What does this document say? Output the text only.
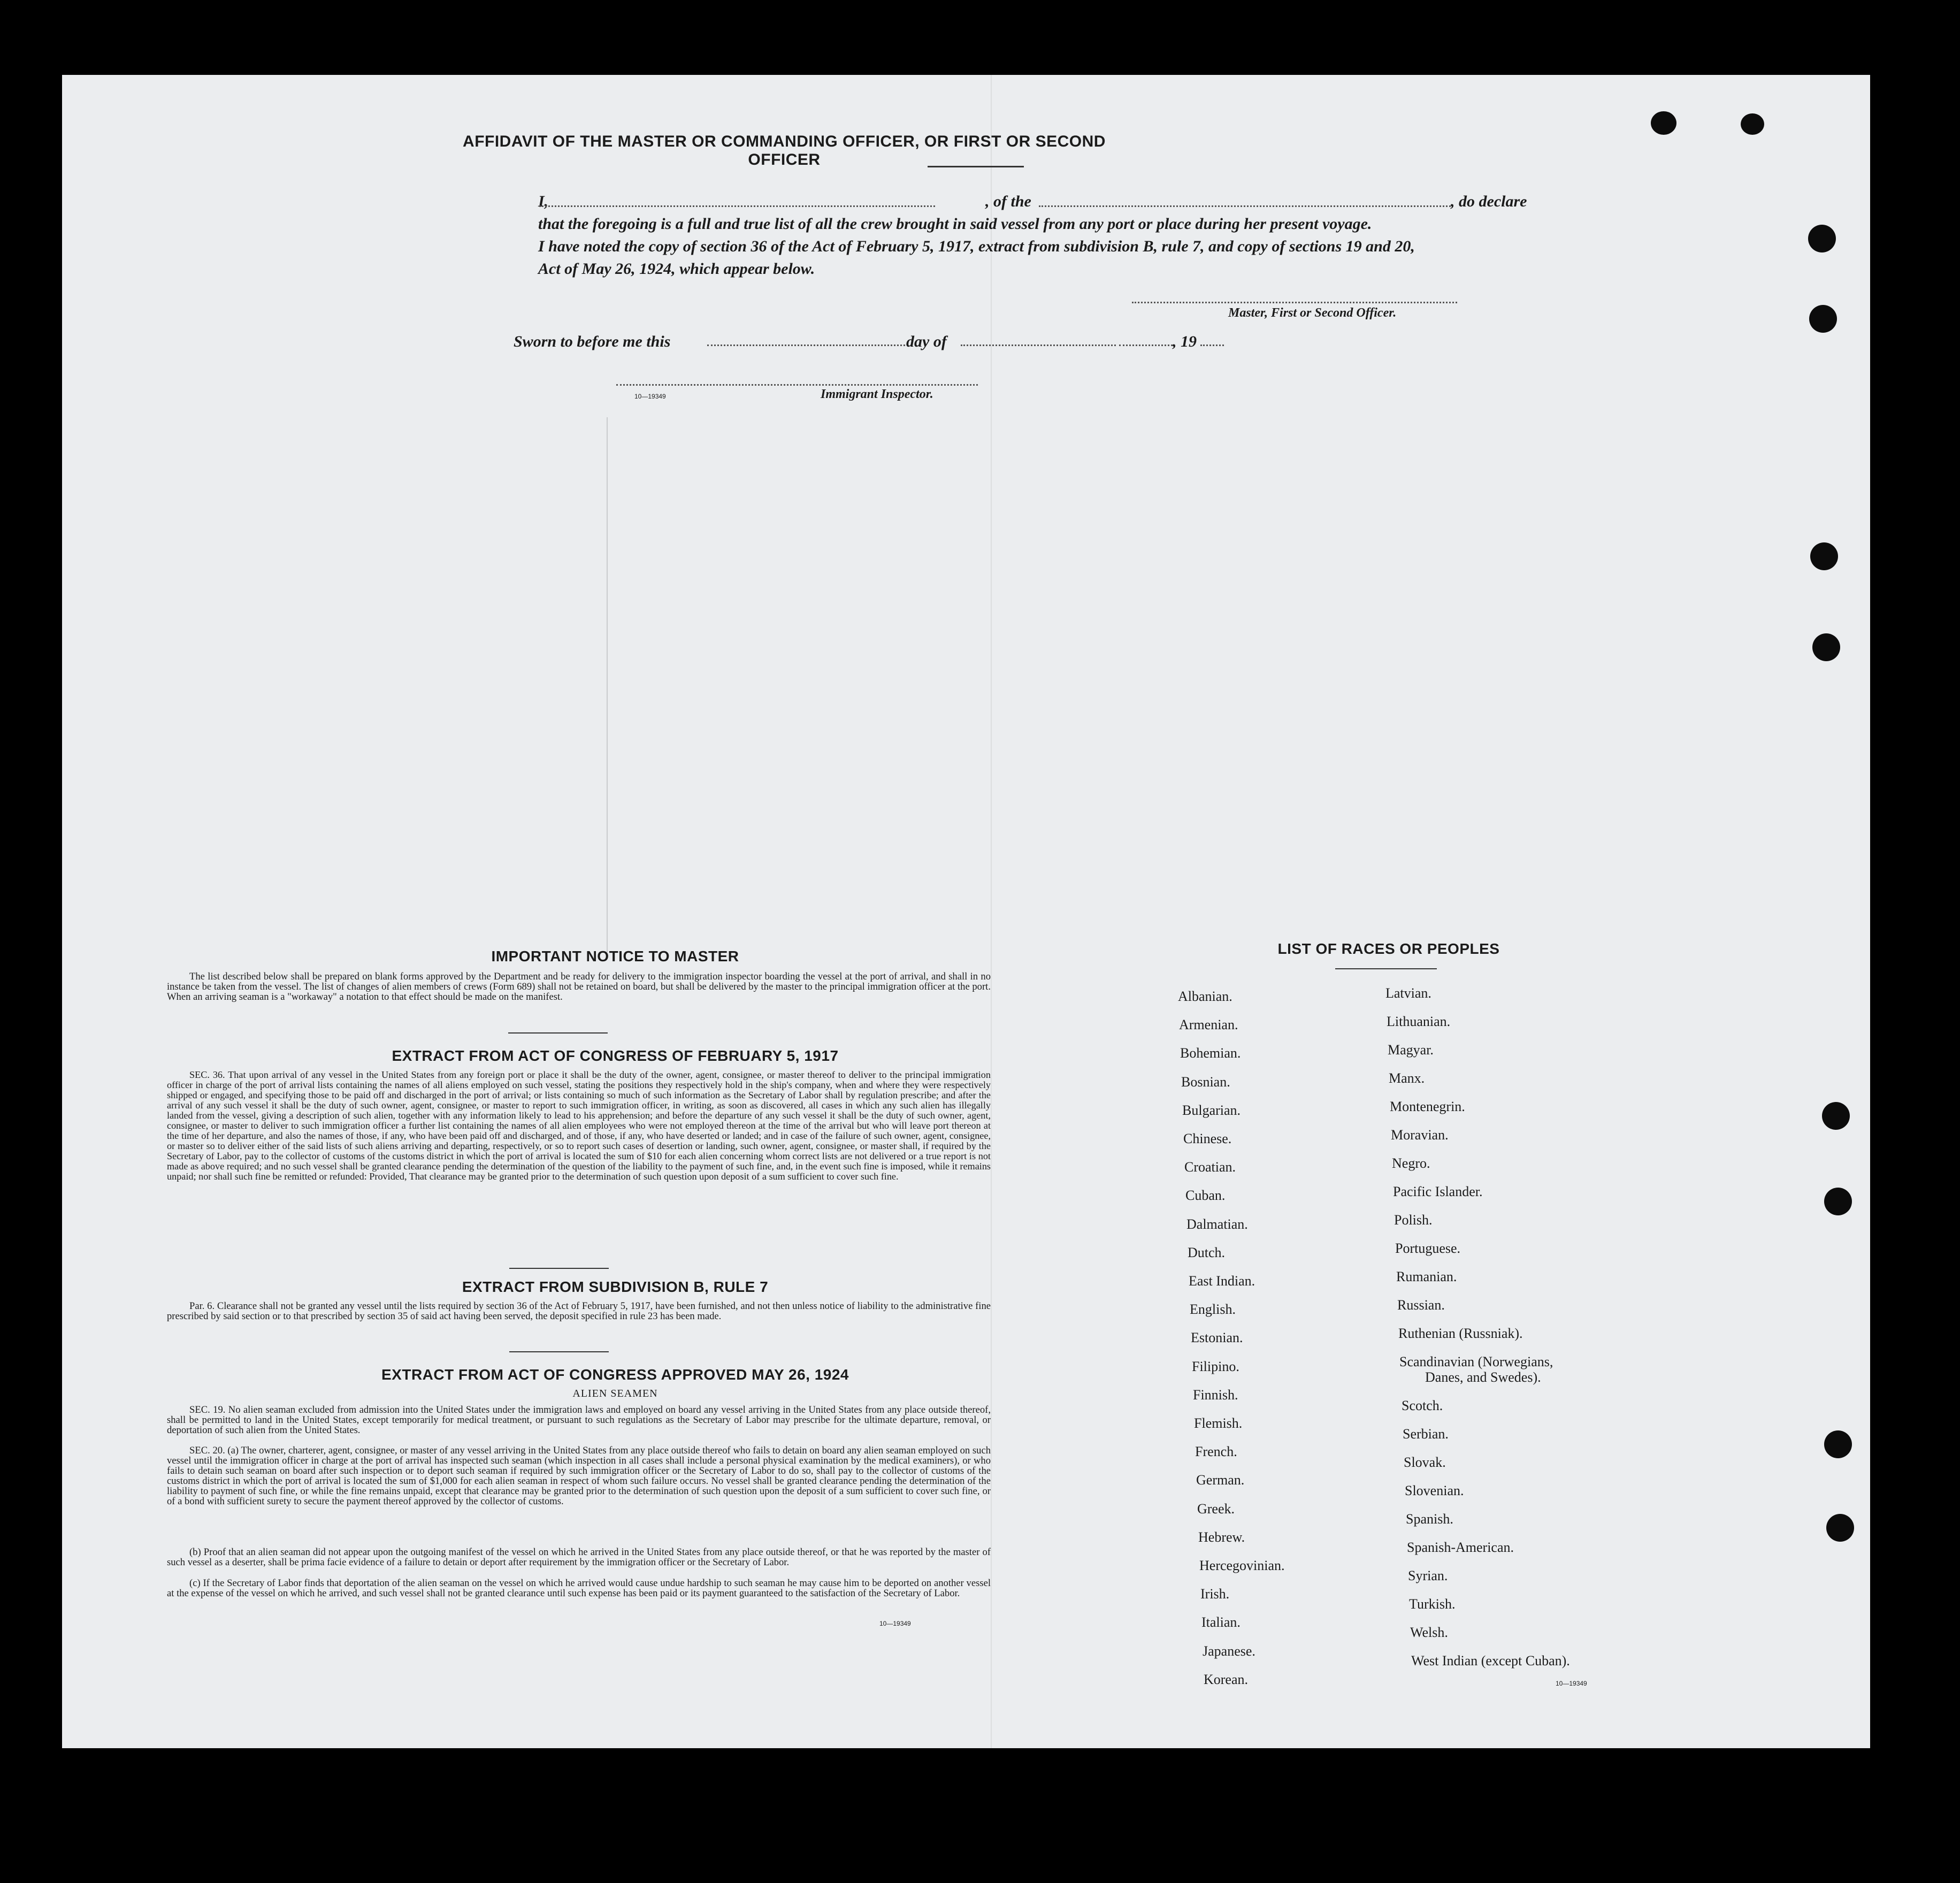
AFFIDAVIT OF THE MASTER OR COMMANDING OFFICER, OR FIRST OR SECOND OFFICER
I,	, of the	, do declare
that the foregoing is a full and true list of all the crew brought in said vessel from any port or place during her present voyage.
I have noted the copy of section 36 of the Act of February 5, 1917, extract from subdivision B, rule 7, and copy of sections 19 and 20,
Act of May 26, 1924, which appear below.
Master, First or Second Officer.
Sworn to before me this	day of	, 19
10—19349	Immigrant Inspector.
IMPORTANT NOTICE TO MASTER
The list described below shall be prepared on blank forms approved by the Department and be ready for delivery to the immigration inspector boarding the vessel at the port of arrival, and shall in no instance be taken from the vessel. The list of changes of alien members of crews (Form 689) shall not be retained on board, but shall be delivered by the master to the principal immigration officer at the port. When an arriving seaman is a "workaway" a notation to that effect should be made on the manifest.
EXTRACT FROM ACT OF CONGRESS OF FEBRUARY 5, 1917
SEC. 36. That upon arrival of any vessel in the United States from any foreign port or place it shall be the duty of the owner, agent, consignee, or master thereof to deliver to the principal immigration officer in charge of the port of arrival lists containing the names of all aliens employed on such vessel, stating the positions they respectively hold in the ship's company, when and where they were respectively shipped or engaged, and specifying those to be paid off and discharged in the port of arrival; or lists containing so much of such information as the Secretary of Labor shall by regulation prescribe; and after the arrival of any such vessel it shall be the duty of such owner, agent, consignee, or master to report to such immigration officer, in writing, as soon as discovered, all cases in which any such alien has illegally landed from the vessel, giving a description of such alien, together with any information likely to lead to his apprehension; and before the departure of any such vessel it shall be the duty of such owner, agent, consignee, or master to deliver to such immigration officer a further list containing the names of all alien employees who were not employed thereon at the time of the arrival but who will leave port thereon at the time of her departure, and also the names of those, if any, who have been paid off and discharged, and of those, if any, who have deserted or landed; and in case of the failure of such owner, agent, consignee, or master so to deliver either of the said lists of such aliens arriving and departing, respectively, or so to report such cases of desertion or landing, such owner, agent, consignee, or master shall, if required by the Secretary of Labor, pay to the collector of customs of the customs district in which the port of arrival is located the sum of $10 for each alien concerning whom correct lists are not delivered or a true report is not made as above required; and no such vessel shall be granted clearance pending the determination of the question of the liability to the payment of such fine, and, in the event such fine is imposed, while it remains unpaid; nor shall such fine be remitted or refunded: Provided, That clearance may be granted prior to the determination of such question upon deposit of a sum sufficient to cover such fine.
EXTRACT FROM SUBDIVISION B, RULE 7
Par. 6. Clearance shall not be granted any vessel until the lists required by section 36 of the Act of February 5, 1917, have been furnished, and not then unless notice of liability to the administrative fine prescribed by said section or to that prescribed by section 35 of said act having been served, the deposit specified in rule 23 has been made.
EXTRACT FROM ACT OF CONGRESS APPROVED MAY 26, 1924
ALIEN SEAMEN
SEC. 19. No alien seaman excluded from admission into the United States under the immigration laws and employed on board any vessel arriving in the United States from any place outside thereof, shall be permitted to land in the United States, except temporarily for medical treatment, or pursuant to such regulations as the Secretary of Labor may prescribe for the ultimate departure, removal, or deportation of such alien from the United States.
SEC. 20. (a) The owner, charterer, agent, consignee, or master of any vessel arriving in the United States from any place outside thereof who fails to detain on board any alien seaman employed on such vessel until the immigration officer in charge at the port of arrival has inspected such seaman (which inspection in all cases shall include a personal physical examination by the medical examiners), or who fails to detain such seaman on board after such inspection or to deport such seaman if required by such immigration officer or the Secretary of Labor to do so, shall pay to the collector of customs of the customs district in which the port of arrival is located the sum of $1,000 for each alien seaman in respect of whom such failure occurs. No vessel shall be granted clearance pending the determination of the liability to payment of such fine, or while the fine remains unpaid, except that clearance may be granted prior to the determination of such question upon the deposit of a sum sufficient to cover such fine, or of a bond with sufficient surety to secure the payment thereof approved by the collector of customs.
(b) Proof that an alien seaman did not appear upon the outgoing manifest of the vessel on which he arrived in the United States from any place outside thereof, or that he was reported by the master of such vessel as a deserter, shall be prima facie evidence of a failure to detain or deport after requirement by the immigration officer or the Secretary of Labor.
(c) If the Secretary of Labor finds that deportation of the alien seaman on the vessel on which he arrived would cause undue hardship to such seaman he may cause him to be deported on another vessel at the expense of the vessel on which he arrived, and such vessel shall not be granted clearance until such expense has been paid or its payment guaranteed to the satisfaction of the Secretary of Labor.
10—19349
LIST OF RACES OR PEOPLES
Albanian.
Armenian.
Bohemian.
Bosnian.
Bulgarian.
Chinese.
Croatian.
Cuban.
Dalmatian.
Dutch.
East Indian.
English.
Estonian.
Filipino.
Finnish.
Flemish.
French.
German.
Greek.
Hebrew.
Hercegovinian.
Irish.
Italian.
Japanese.
Korean.
Latvian.
Lithuanian.
Magyar.
Manx.
Montenegrin.
Moravian.
Negro.
Pacific Islander.
Polish.
Portuguese.
Rumanian.
Russian.
Ruthenian (Russniak).
Scandinavian (Norwegians,
Danes, and Swedes).
Scotch.
Serbian.
Slovak.
Slovenian.
Spanish.
Spanish-American.
Syrian.
Turkish.
Welsh.
West Indian (except Cuban).
10—19349
